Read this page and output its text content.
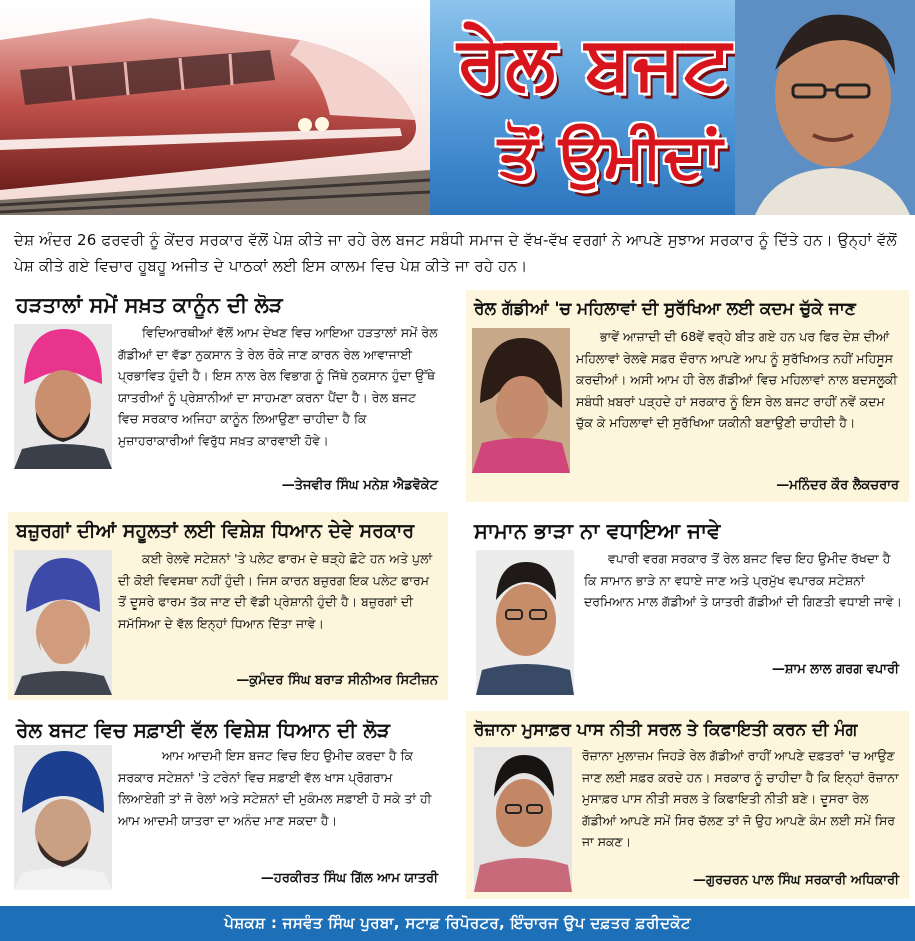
ਰੇਲ ਬਜਟ
ਤੋਂ ਉਮੀਦਾਂ

ਦੇਸ਼ ਅੰਦਰ 26 ਫਰਵਰੀ ਨੂੰ ਕੇਂਦਰ ਸਰਕਾਰ ਵੱਲੋਂ ਪੇਸ਼ ਕੀਤੇ ਜਾ ਰਹੇ ਰੇਲ ਬਜਟ ਸਬੰਧੀ ਸਮਾਜ ਦੇ ਵੱਖ-ਵੱਖ ਵਰਗਾਂ ਨੇ ਆਪਣੇ ਸੁਝਾਅ ਸਰਕਾਰ ਨੂੰ ਦਿੱਤੇ ਹਨ। ਉਨ੍ਹਾਂ ਵੱਲੋਂ ਪੇਸ਼ ਕੀਤੇ ਗਏ ਵਿਚਾਰ ਹੂਬਹੂ ਅਜੀਤ ਦੇ ਪਾਠਕਾਂ ਲਈ ਇਸ ਕਾਲਮ ਵਿਚ ਪੇਸ਼ ਕੀਤੇ ਜਾ ਰਹੇ ਹਨ।

ਹੜਤਾਲਾਂ ਸਮੇਂ ਸਖ਼ਤ ਕਾਨੂੰਨ ਦੀ ਲੋੜ

ਵਿਦਿਆਰਥੀਆਂ ਵੱਲੋਂ ਆਮ ਦੇਖਣ ਵਿਚ ਆਇਆ ਹੜਤਾਲਾਂ ਸਮੇਂ ਰੇਲ ਗੱਡੀਆਂ ਦਾ ਵੱਡਾ ਨੁਕਸਾਨ ਤੇ ਰੇਲ ਰੋਕੇ ਜਾਣ ਕਾਰਨ ਰੇਲ ਆਵਾਜਾਈ ਪ੍ਰਭਾਵਿਤ ਹੁੰਦੀ ਹੈ। ਇਸ ਨਾਲ ਰੇਲ ਵਿਭਾਗ ਨੂੰ ਜਿੱਥੇ ਨੁਕਸਾਨ ਹੁੰਦਾ ਉੱਥੇ ਯਾਤਰੀਆਂ ਨੂੰ ਪ੍ਰੇਸ਼ਾਨੀਆਂ ਦਾ ਸਾਹਮਣਾ ਕਰਨਾ ਪੈਂਦਾ ਹੈ। ਰੇਲ ਬਜਟ ਵਿਚ ਸਰਕਾਰ ਅਜਿਹਾ ਕਾਨੂੰਨ ਲਿਆਉਣਾ ਚਾਹੀਦਾ ਹੈ ਕਿ ਮੁਜ਼ਾਹਰਾਕਾਰੀਆਂ ਵਿਰੁੱਧ ਸਖ਼ਤ ਕਾਰਵਾਈ ਹੋਵੇ।

—ਤੇਜਵੀਰ ਸਿੰਘ ਮਨੇਸ਼ ਐਡਵੋਕੇਟ
ਰੇਲ ਗੱਡੀਆਂ 'ਚ ਮਹਿਲਾਵਾਂ ਦੀ ਸੁਰੱਖਿਆ ਲਈ ਕਦਮ ਚੁੱਕੇ ਜਾਣ

ਭਾਵੇਂ ਆਜ਼ਾਦੀ ਦੀ 68ਵੇਂ ਵਰ੍ਹੇ ਬੀਤ ਗਏ ਹਨ ਪਰ ਫਿਰ ਦੇਸ਼ ਦੀਆਂ ਮਹਿਲਾਵਾਂ ਰੇਲਵੇ ਸਫ਼ਰ ਦੌਰਾਨ ਆਪਣੇ ਆਪ ਨੂੰ ਸੁਰੱਖਿਅਤ ਨਹੀਂ ਮਹਿਸੂਸ ਕਰਦੀਆਂ। ਅਸੀ ਆਮ ਹੀ ਰੇਲ ਗੱਡੀਆਂ ਵਿਚ ਮਹਿਲਾਵਾਂ ਨਾਲ ਬਦਸਲੂਕੀ ਸਬੰਧੀ ਖ਼ਬਰਾਂ ਪੜ੍ਹਦੇ ਹਾਂ ਸਰਕਾਰ ਨੂੰ ਇਸ ਰੇਲ ਬਜਟ ਰਾਹੀਂ ਨਵੇਂ ਕਦਮ ਚੁੱਕ ਕੇ ਮਹਿਲਾਵਾਂ ਦੀ ਸੁਰੱਖਿਆ ਯਕੀਨੀ ਬਣਾਉਣੀ ਚਾਹੀਦੀ ਹੈ।

—ਮਨਿੰਦਰ ਕੌਰ ਲੈਕਚਰਾਰ
ਬਜ਼ੁਰਗਾਂ ਦੀਆਂ ਸਹੂਲਤਾਂ ਲਈ ਵਿਸ਼ੇਸ਼ ਧਿਆਨ ਦੇਵੇ ਸਰਕਾਰ

ਕਈ ਰੇਲਵੇ ਸਟੇਸ਼ਨਾਂ 'ਤੇ ਪਲੇਟ ਫਾਰਮ ਦੇ ਥੜ੍ਹੇ ਛੋਟੇ ਹਨ ਅਤੇ ਪੁਲਾਂ ਦੀ ਕੋਈ ਵਿਵਸਥਾ ਨਹੀਂ ਹੁੰਦੀ। ਜਿਸ ਕਾਰਨ ਬਜ਼ੁਰਗ ਇਕ ਪਲੇਟ ਫਾਰਮ ਤੋਂ ਦੂਸਰੇ ਫਾਰਮ ਤੱਕ ਜਾਣ ਦੀ ਵੱਡੀ ਪ੍ਰੇਸ਼ਾਨੀ ਹੁੰਦੀ ਹੈ। ਬਜ਼ੁਰਗਾਂ ਦੀ ਸਮੱਸਿਆ ਦੇ ਵੱਲ ਇਨ੍ਹਾਂ ਧਿਆਨ ਦਿੱਤਾ ਜਾਵੇ।

—ਕੁਮੰਦਰ ਸਿੰਘ ਬਰਾੜ ਸੀਨੀਅਰ ਸਿਟੀਜ਼ਨ
ਸਾਮਾਨ ਭਾੜਾ ਨਾ ਵਧਾਇਆ ਜਾਵੇ

ਵਪਾਰੀ ਵਰਗ ਸਰਕਾਰ ਤੋਂ ਰੇਲ ਬਜਟ ਵਿਚ ਇਹ ਉਮੀਦ ਰੱਖਦਾ ਹੈ ਕਿ ਸਾਮਾਨ ਭਾੜੇ ਨਾ ਵਧਾਏ ਜਾਣ ਅਤੇ ਪ੍ਰਮੁੱਖ ਵਪਾਰਕ ਸਟੇਸ਼ਨਾਂ ਦਰਮਿਆਨ ਮਾਲ ਗੱਡੀਆਂ ਤੇ ਯਾਤਰੀ ਗੱਡੀਆਂ ਦੀ ਗਿਣਤੀ ਵਧਾਈ ਜਾਵੇ।

—ਸ਼ਾਮ ਲਾਲ ਗਰਗ ਵਪਾਰੀ
ਰੇਲ ਬਜਟ ਵਿਚ ਸਫ਼ਾਈ ਵੱਲ ਵਿਸ਼ੇਸ਼ ਧਿਆਨ ਦੀ ਲੋੜ

ਆਮ ਆਦਮੀ ਇਸ ਬਜਟ ਵਿਚ ਇਹ ਉਮੀਦ ਕਰਦਾ ਹੈ ਕਿ ਸਰਕਾਰ ਸਟੇਸ਼ਨਾਂ 'ਤੇ ਟਰੇਨਾਂ ਵਿਚ ਸਫ਼ਾਈ ਵੱਲ ਖਾਸ ਪ੍ਰੋਗਰਾਮ ਲਿਆਏਗੀ ਤਾਂ ਜੋ ਰੇਲਾਂ ਅਤੇ ਸਟੇਸ਼ਨਾਂ ਦੀ ਮੁਕੰਮਲ ਸਫ਼ਾਈ ਹੋ ਸਕੇ ਤਾਂ ਹੀ ਆਮ ਆਦਮੀ ਯਾਤਰਾ ਦਾ ਅਨੰਦ ਮਾਣ ਸਕਦਾ ਹੈ।

—ਹਰਕੀਰਤ ਸਿੰਘ ਗਿੱਲ ਆਮ ਯਾਤਰੀ
ਰੋਜ਼ਾਨਾ ਮੁਸਾਫ਼ਰ ਪਾਸ ਨੀਤੀ ਸਰਲ ਤੇ ਕਿਫਾਇਤੀ ਕਰਨ ਦੀ ਮੰਗ

ਰੋਜ਼ਾਨਾ ਮੁਲਾਜ਼ਮ ਜਿਹੜੇ ਰੇਲ ਗੱਡੀਆਂ ਰਾਹੀਂ ਆਪਣੇ ਦਫ਼ਤਰਾਂ 'ਚ ਆਉਣ ਜਾਣ ਲਈ ਸਫ਼ਰ ਕਰਦੇ ਹਨ। ਸਰਕਾਰ ਨੂੰ ਚਾਹੀਦਾ ਹੈ ਕਿ ਇਨ੍ਹਾਂ ਰੋਜ਼ਾਨਾ ਮੁਸਾਫ਼ਰ ਪਾਸ ਨੀਤੀ ਸਰਲ ਤੇ ਕਿਫਾਇਤੀ ਨੀਤੀ ਬਣੇ। ਦੂਸਰਾ ਰੇਲ ਗੱਡੀਆਂ ਆਪਣੇ ਸਮੇਂ ਸਿਰ ਚੱਲਣ ਤਾਂ ਜੋ ਉਹ ਆਪਣੇ ਕੰਮ ਲਈ ਸਮੇਂ ਸਿਰ ਜਾ ਸਕਣ।

—ਗੁਰਚਰਨ ਪਾਲ ਸਿੰਘ ਸਰਕਾਰੀ ਅਧਿਕਾਰੀ
ਪੇਸ਼ਕਸ਼ : ਜਸਵੰਤ ਸਿੰਘ ਪੁਰਬਾ, ਸਟਾਫ਼ ਰਿਪੋਰਟਰ, ਇੰਚਾਰਜ ਉਪ ਦਫ਼ਤਰ ਫ਼ਰੀਦਕੋਟ
